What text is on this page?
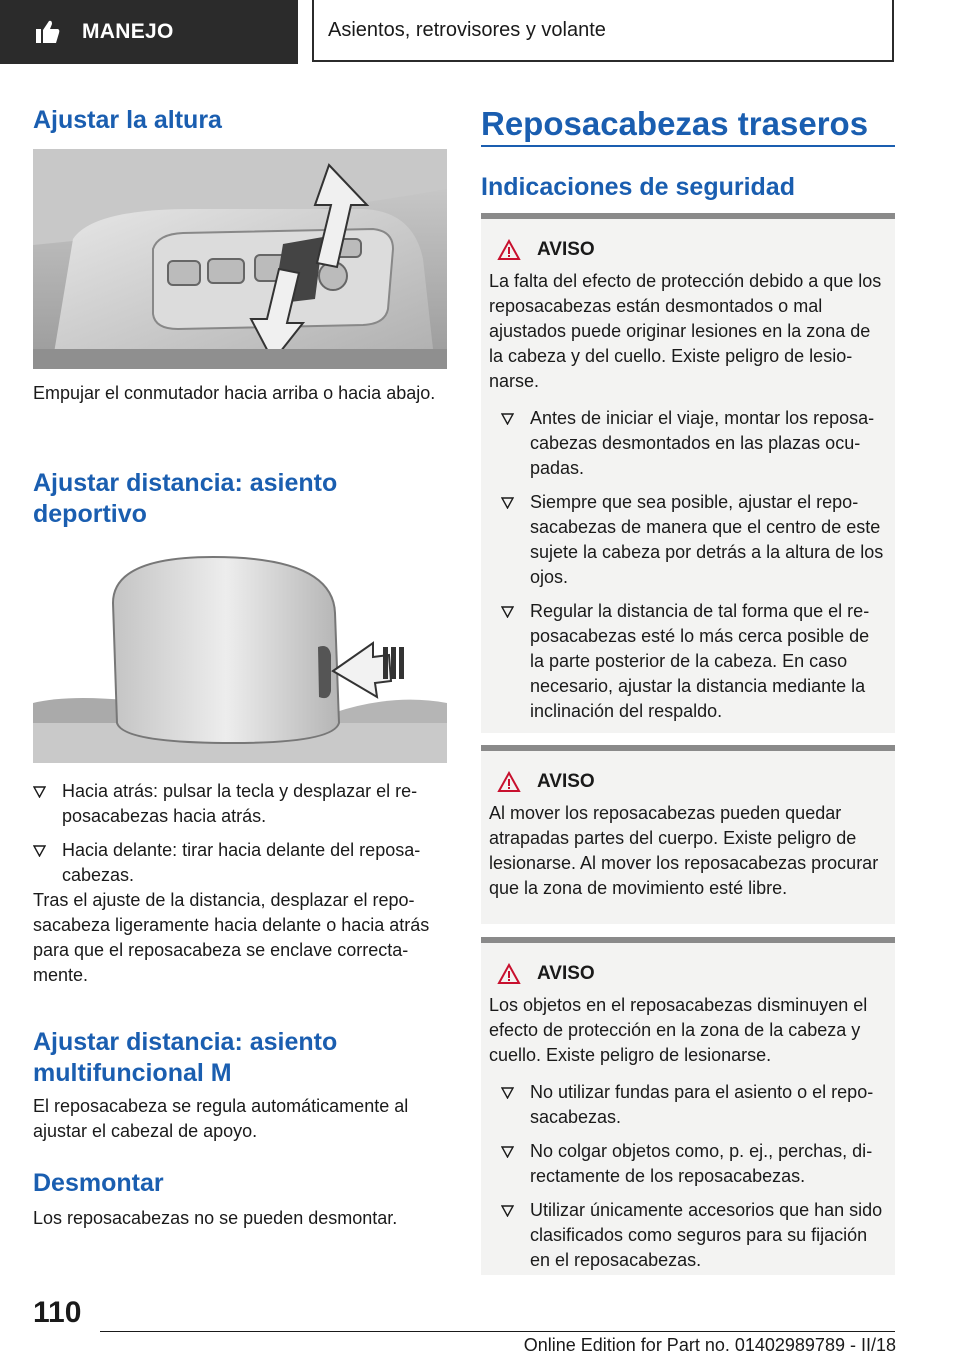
MANEJO	Asientos, retrovisores y volante
Ajustar la altura

Empujar el conmutador hacia arriba o hacia abajo.

Ajustar distancia: asiento deportivo
Hacia atrás: pulsar la tecla y desplazar el reposacabezas hacia atrás.
Hacia delante: tirar hacia delante del reposacabezas.

Tras el ajuste de la distancia, desplazar el reposacabeza ligeramente hacia delante o hacia atrás para que el reposacabeza se enclave correctamente.

Ajustar distancia: asiento multifuncional M

El reposacabeza se regula automáticamente al ajustar el cabezal de apoyo.

Desmontar

Los reposacabezas no se pueden desmontar.

Reposacabezas traseros
Indicaciones de seguridad
AVISO

La falta del efecto de protección debido a que los reposacabezas están desmontados o mal ajustados puede originar lesiones en la zona de la cabeza y del cuello. Existe peligro de lesionarse.

Antes de iniciar el viaje, montar los reposacabezas desmontados en las plazas ocupadas.
Siempre que sea posible, ajustar el reposacabezas de manera que el centro de este sujete la cabeza por detrás a la altura de los ojos.
Regular la distancia de tal forma que el reposacabezas esté lo más cerca posible de la parte posterior de la cabeza. En caso necesario, ajustar la distancia mediante la inclinación del respaldo.
AVISO

Al mover los reposacabezas pueden quedar atrapadas partes del cuerpo. Existe peligro de lesionarse. Al mover los reposacabezas procurar que la zona de movimiento esté libre.

AVISO

Los objetos en el reposacabezas disminuyen el efecto de protección en la zona de la cabeza y cuello. Existe peligro de lesionarse.

No utilizar fundas para el asiento o el reposacabezas.
No colgar objetos como, p. ej., perchas, directamente de los reposacabezas.
Utilizar únicamente accesorios que han sido clasificados como seguros para su fijación en el reposacabezas.
110
Online Edition for Part no. 01402989789 - II/18
